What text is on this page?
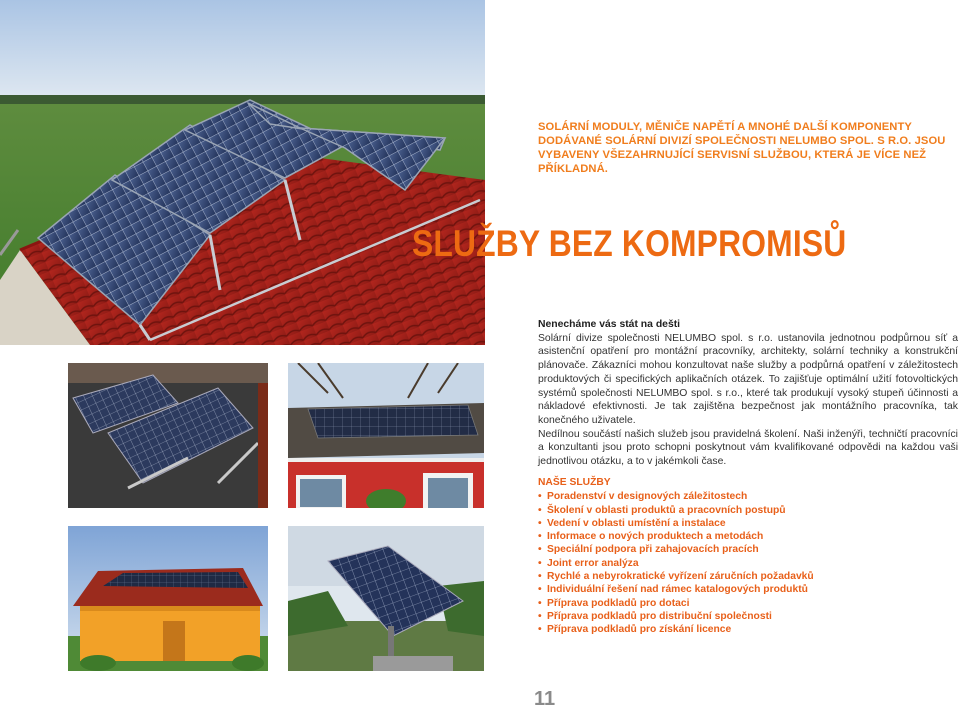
SOLÁRNÍ MODULY, MĚNIČE NAPĚTÍ A MNOHÉ DALŠÍ KOMPONENTY DODÁVANÉ SOLÁRNÍ DIVIZÍ SPOLEČNOSTI NELUMBO SPOL. S R.O. JSOU VYBAVENY VŠEZAHRNUJÍCÍ SERVISNÍ SLUŽBOU, KTERÁ JE VÍCE NEŽ PŘÍKLADNÁ.
SLUŽBY BEZ KOMPROMISŮ
Nenecháme vás stát na dešti

Solární divize společnosti NELUMBO spol. s r.o. ustanovila jednotnou podpůrnou síť a asistenční opatření pro montážní pracovníky, architekty, solární techniky a konstrukční plánovače. Zákazníci mohou konzultovat naše služby a podpůrná opatření v záležitostech produktových či specifických aplikačních otázek. To zajišťuje optimální užití fotovoltických systémů společnosti NELUMBO spol. s r.o., které tak produkují vysoký stupeň účinnosti a nákladové efektivnosti. Je tak zajištěna bezpečnost jak montážního pracovníka, tak konečného uživatele.

Nedílnou součástí našich služeb jsou pravidelná školení. Naši inženýři, techničtí pracovníci a konzultanti jsou proto schopni poskytnout vám kvalifikované odpovědi na každou vaši jednotlivou otázku, a to v jakémkoli čase.

NAŠE SLUŽBY
• Poradenství v designových záležitostech
• Školení v oblasti produktů a pracovních postupů
• Vedení v oblasti umístění a instalace
• Informace o nových produktech a metodách
• Speciální podpora při zahajovacích pracích
• Joint error analýza
• Rychlé a nebyrokratické vyřízení záručních požadavků
• Individuální řešení nad rámec katalogových produktů
• Příprava podkladů pro dotaci
• Příprava podkladů pro distribuční společnosti
• Příprava podkladů pro získání licence
11
